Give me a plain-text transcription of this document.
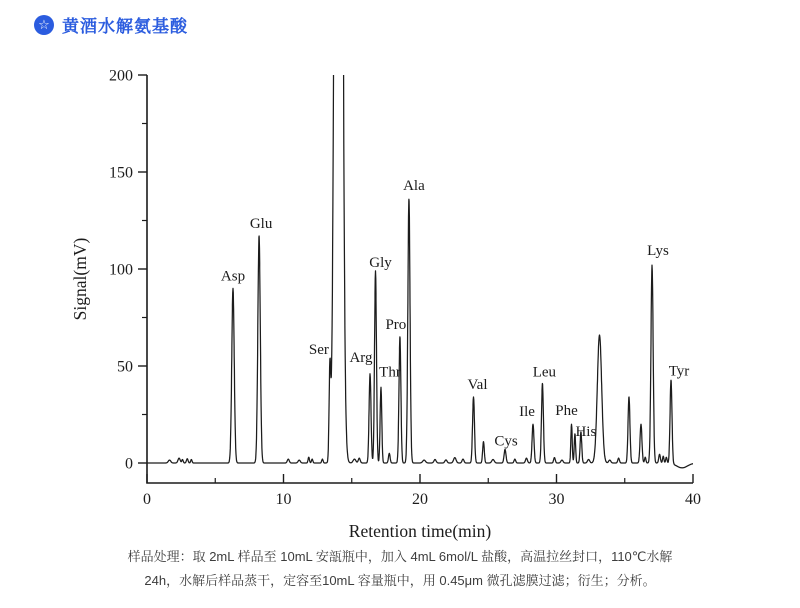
☆
黄酒水解氨基酸
0	10	20	30	40
0
50
100
150
200
Retention time(min)
Signal(mV)	Asp
Glu
Ser Arg
Gly
Thr
Pro
Ala
Val
Cys
Ile
Leu
Phe
His
Lys
Tyr
样品处理：取 2mL 样品至 10mL 安瓿瓶中，加入 4mL 6mol/L 盐酸，高温拉丝封口，110℃水解
24h，水解后样品蒸干，定容至10mL 容量瓶中，用 0.45μm 微孔滤膜过滤；衍生；分析。
